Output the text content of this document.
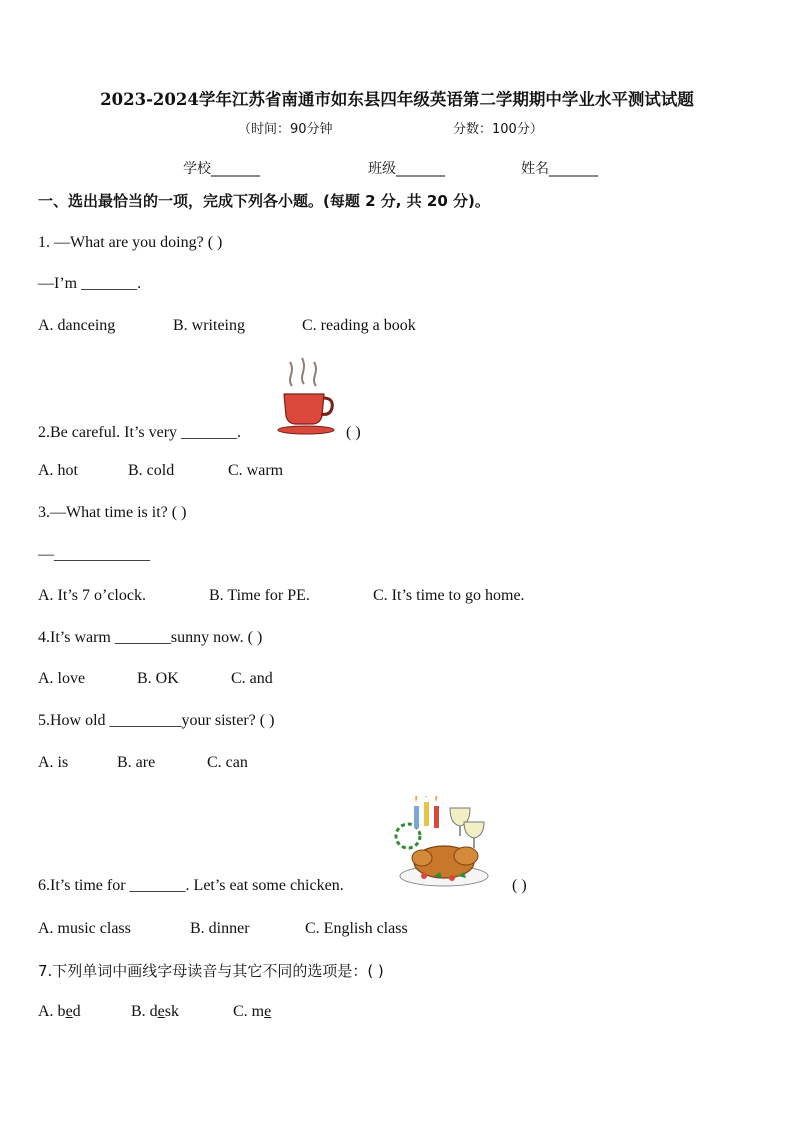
2023-2024学年江苏省南通市如东县四年级英语第二学期期中学业水平测试试题
（时间：90分钟	分数：100分）
学校_______	班级_______	姓名_______
一、选出最恰当的一项，完成下列各小题。(每题 2 分, 共 20 分)。
1. —What are you doing? ( )
—I’m _______.
A. danceing	B. writeing	C. reading a book
2.Be careful. It’s very _______.	( )
A. hot	B. cold	C. warm
3.—What time is it? ( )
—____________
A. It’s 7 o’clock.	B. Time for PE.	C. It’s time to go home.
4.It’s warm _______sunny now. ( )
A. love	B. OK	C. and
5.How old _________your sister? ( )
A. is	B. are	C. can
6.It’s time for _______. Let’s eat some chicken.	( )
A. music class	B. dinner	C. English class
7.下列单词中画线字母读音与其它不同的选项是：( )
A. bed	B. desk	C. me
